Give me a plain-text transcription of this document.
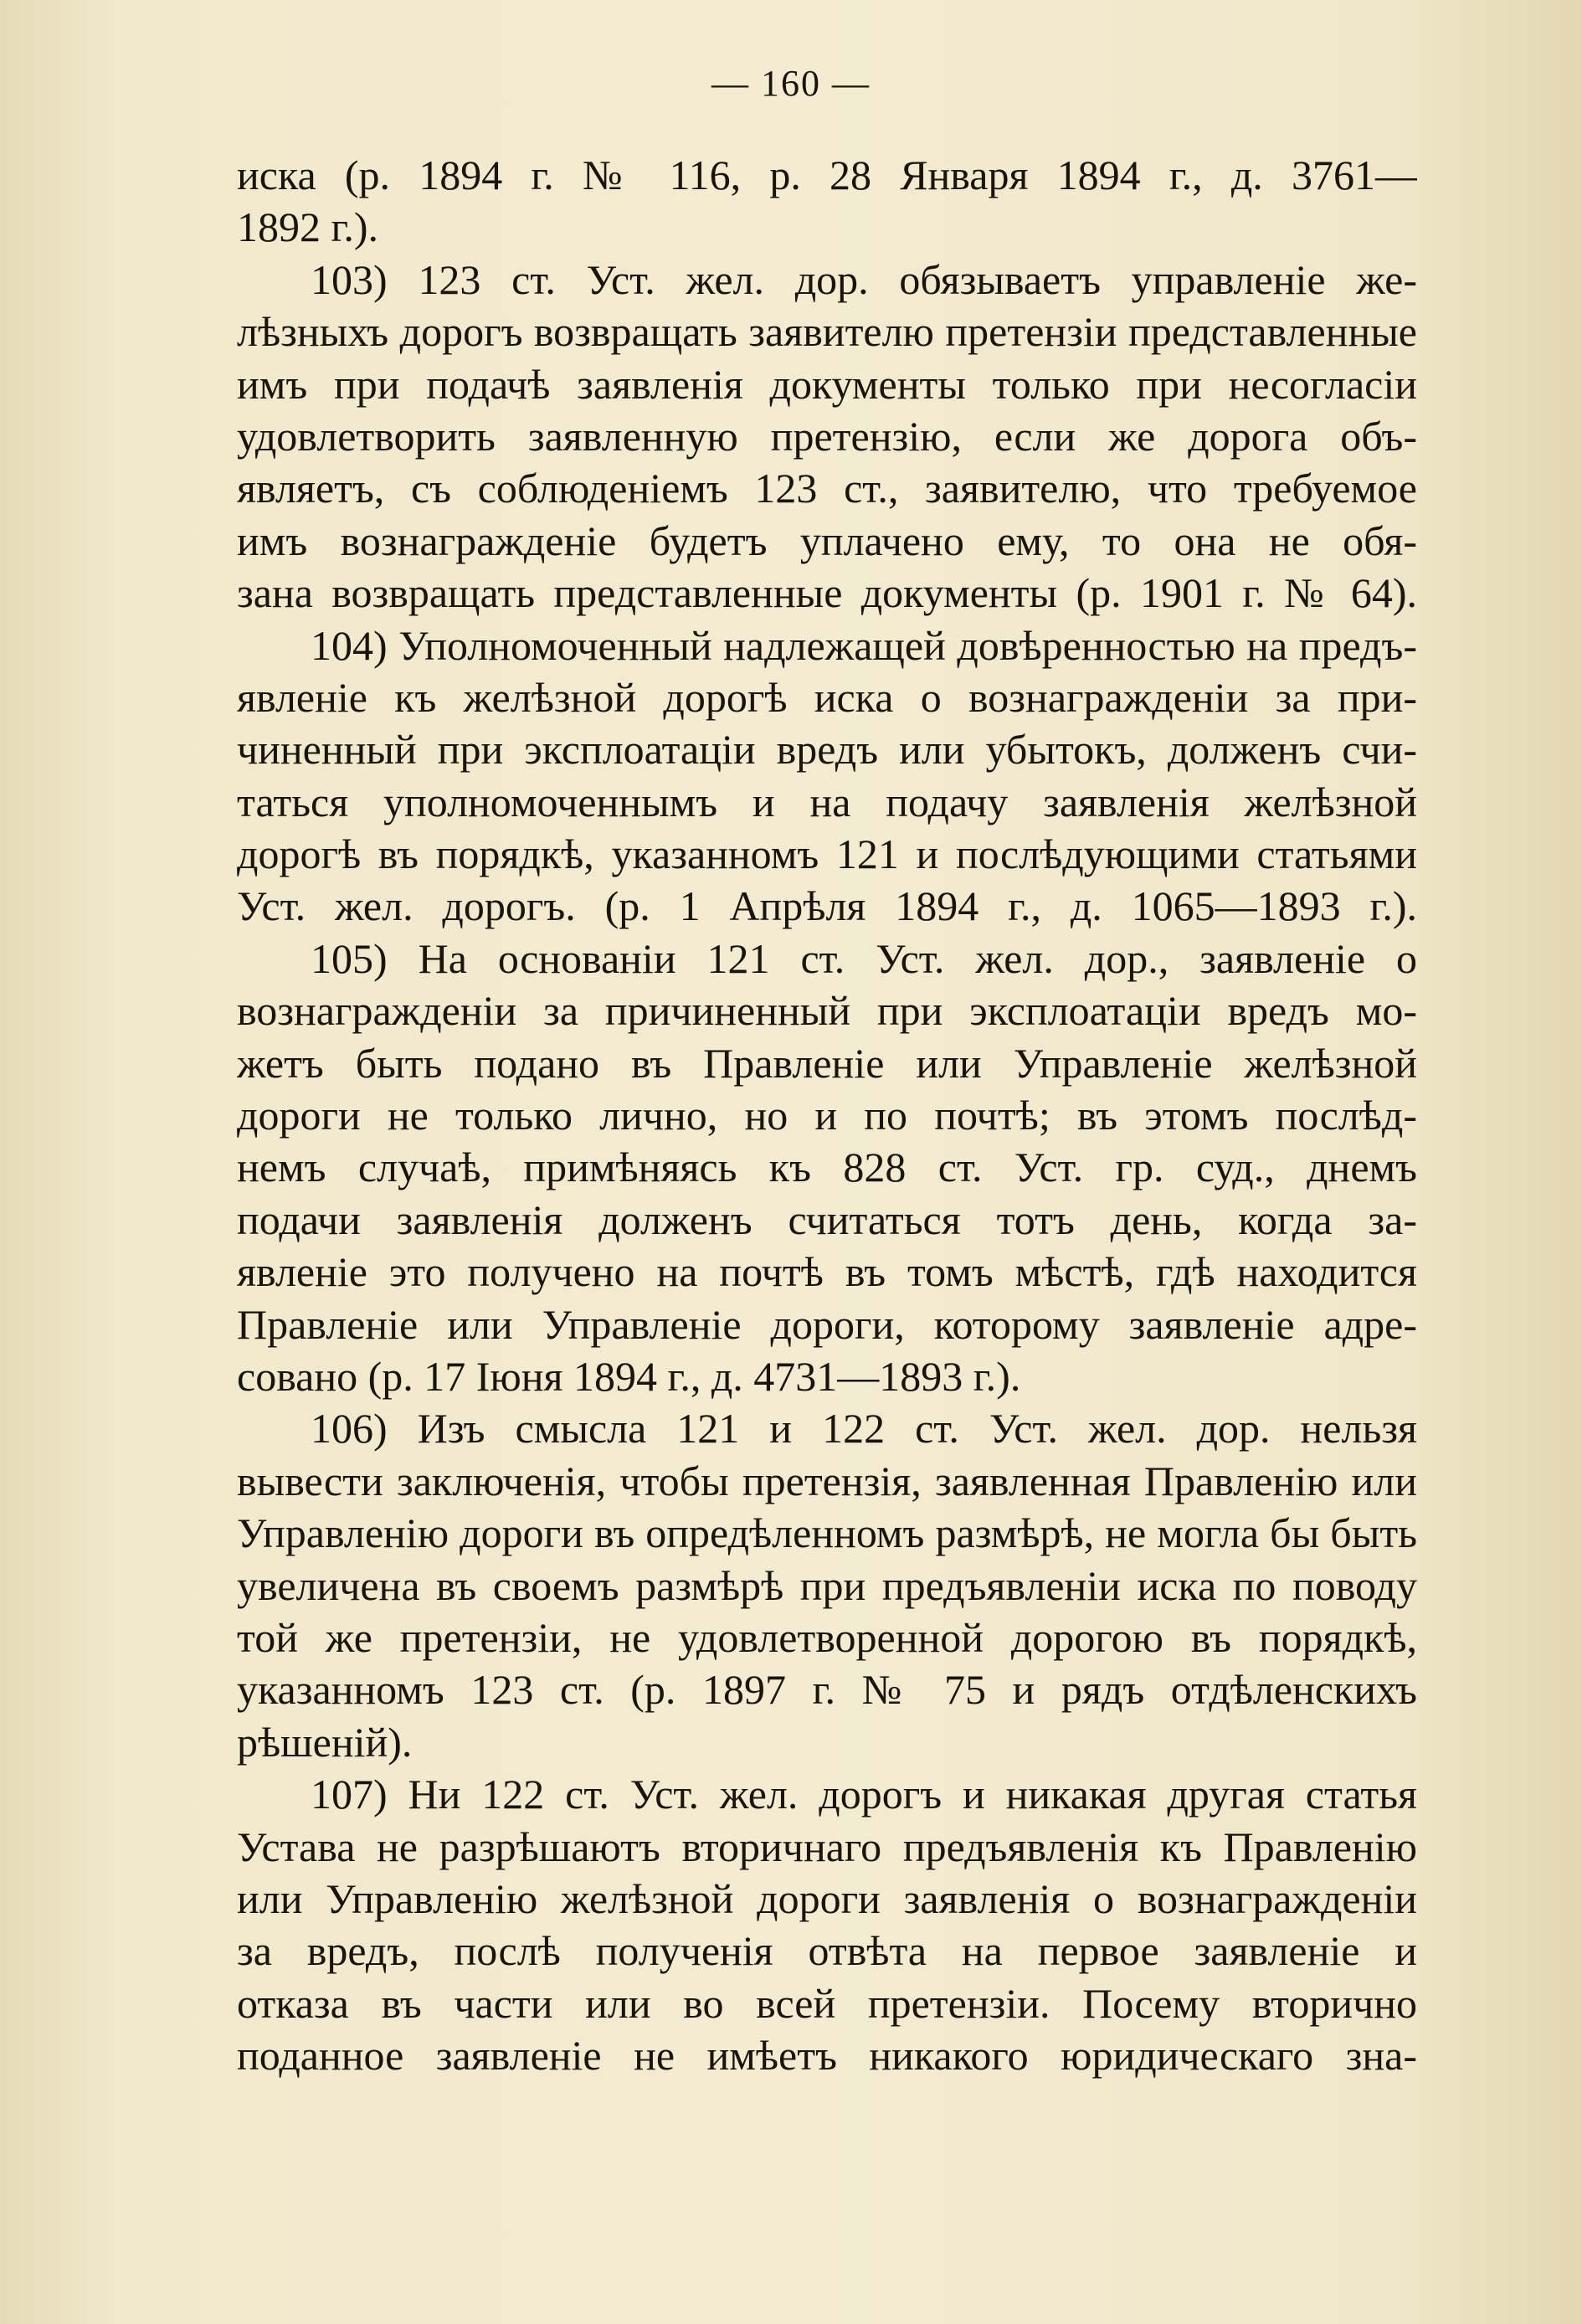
— 160 —
иска (р. 1894 г. № 116, р. 28 Января 1894 г., д. 3761—
1892 г.).
103) 123 ст. Уст. жел. дор. обязываетъ управленіе же-
лѣзныхъ дорогъ возвращать заявителю претензіи представленные
имъ при подачѣ заявленія документы только при несогласіи
удовлетворить заявленную претензію, если же дорога объ-
являетъ, съ соблюденіемъ 123 ст., заявителю, что требуемое
имъ вознагражденіе будетъ уплачено ему, то она не обя-
зана возвращать представленные документы (р. 1901 г. № 64).
104) Уполномоченный надлежащей довѣренностью на предъ-
явленіе къ желѣзной дорогѣ иска о вознагражденіи за при-
чиненный при эксплоатаціи вредъ или убытокъ, долженъ счи-
таться уполномоченнымъ и на подачу заявленія желѣзной
дорогѣ въ порядкѣ, указанномъ 121 и послѣдующими статьями
Уст. жел. дорогъ. (р. 1 Апрѣля 1894 г., д. 1065—1893 г.).
105) На основаніи 121 ст. Уст. жел. дор., заявленіе о
вознагражденіи за причиненный при эксплоатаціи вредъ мо-
жетъ быть подано въ Правленіе или Управленіе желѣзной
дороги не только лично, но и по почтѣ; въ этомъ послѣд-
немъ случаѣ, примѣняясь къ 828 ст. Уст. гр. суд., днемъ
подачи заявленія долженъ считаться тотъ день, когда за-
явленіе это получено на почтѣ въ томъ мѣстѣ, гдѣ находится
Правленіе или Управленіе дороги, которому заявленіе адре-
совано (р. 17 Іюня 1894 г., д. 4731—1893 г.).
106) Изъ смысла 121 и 122 ст. Уст. жел. дор. нельзя
вывести заключенія, чтобы претензія, заявленная Правленію или
Управленію дороги въ опредѣленномъ размѣрѣ, не могла бы быть
увеличена въ своемъ размѣрѣ при предъявленіи иска по поводу
той же претензіи, не удовлетворенной дорогою въ порядкѣ,
указанномъ 123 ст. (р. 1897 г. № 75 и рядъ отдѣленскихъ
рѣшеній).
107) Ни 122 ст. Уст. жел. дорогъ и никакая другая статья
Устава не разрѣшаютъ вторичнаго предъявленія къ Правленію
или Управленію желѣзной дороги заявленія о вознагражденіи
за вредъ, послѣ полученія отвѣта на первое заявленіе и
отказа въ части или во всей претензіи. Посему вторично
поданное заявленіе не имѣетъ никакого юридическаго зна-
